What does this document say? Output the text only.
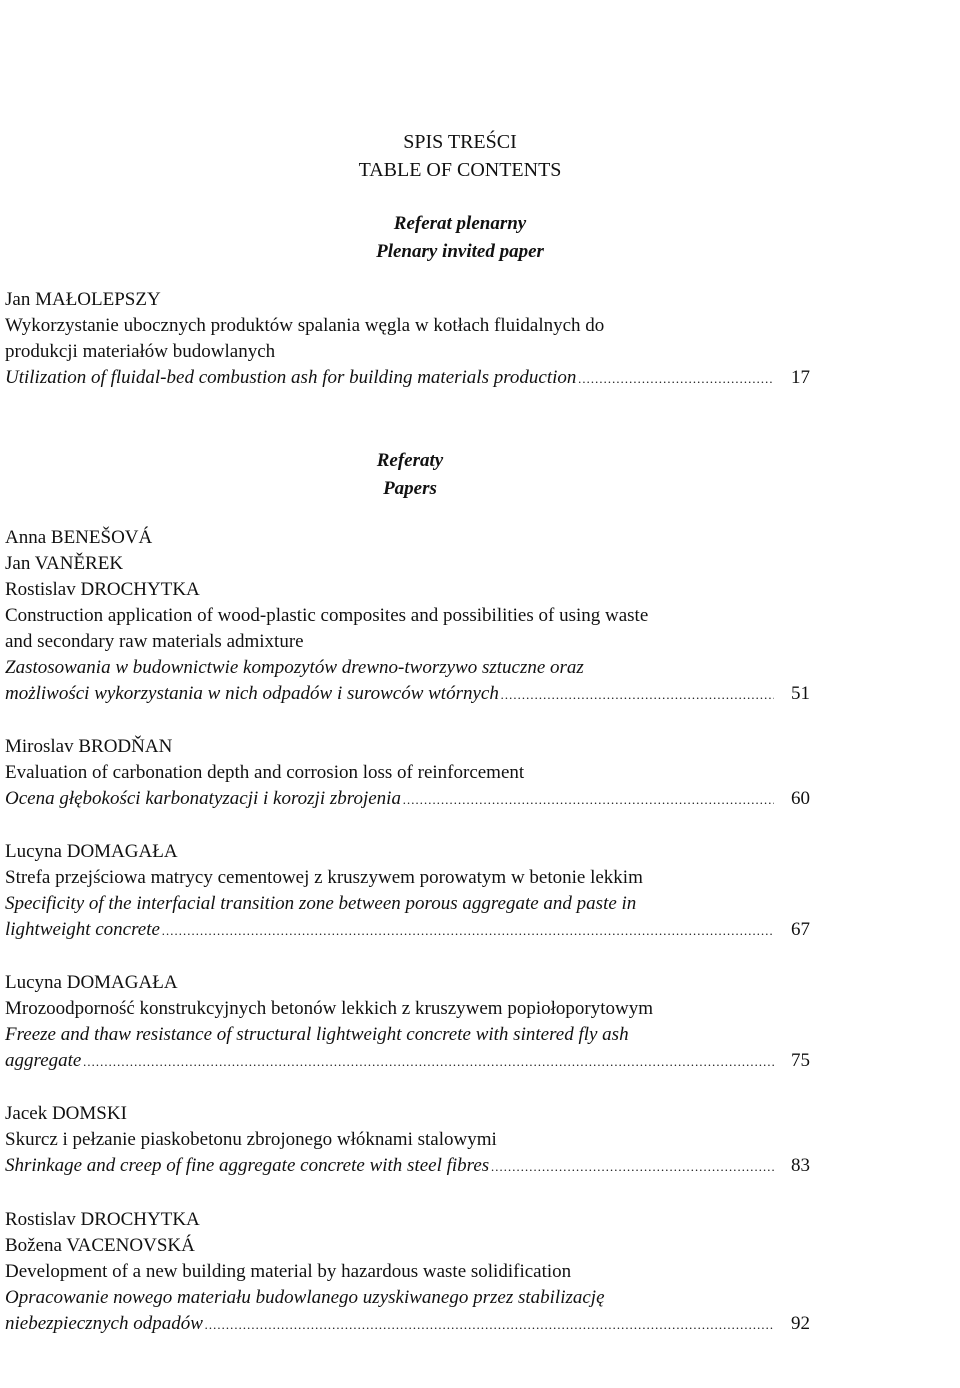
SPIS TREŚCI
TABLE OF CONTENTS
Referat plenarny
Plenary invited paper
Jan MAŁOLEPSZY
Wykorzystanie ubocznych produktów spalania węgla w kotłach fluidalnych do
produkcji materiałów budowlanych
Utilization of fluidal-bed combustion ash for building materials production .....	17
Referaty
Papers
Anna BENEŠOVÁ
Jan VANĚREK
Rostislav DROCHYTKA
Construction application of wood-plastic composites and possibilities of using waste
and secondary raw materials admixture
Zastosowania w budownictwie kompozytów drewno-tworzywo sztuczne oraz
możliwości wykorzystania w nich odpadów i surowców wtórnych .....	51
Miroslav BRODŇAN
Evaluation of carbonation depth and corrosion loss of reinforcement
Ocena głębokości karbonatyzacji i korozji zbrojenia .....	60
Lucyna DOMAGAŁA
Strefa przejściowa matrycy cementowej z kruszywem porowatym w betonie lekkim
Specificity of the interfacial transition zone between porous aggregate and paste in
lightweight concrete .....	67
Lucyna DOMAGAŁA
Mrozoodporność konstrukcyjnych betonów lekkich z kruszywem popiołoporytowym
Freeze and thaw resistance of structural lightweight concrete with sintered fly ash
aggregate .....	75
Jacek DOMSKI
Skurcz i pełzanie piaskobetonu zbrojonego włóknami stalowymi
Shrinkage and creep of fine aggregate concrete with steel fibres .....	83
Rostislav DROCHYTKA
Božena VACENOVSKÁ
Development of a new building material by hazardous waste solidification
Opracowanie nowego materiału budowlanego uzyskiwanego przez stabilizację
niebezpiecznych odpadów .....	92
